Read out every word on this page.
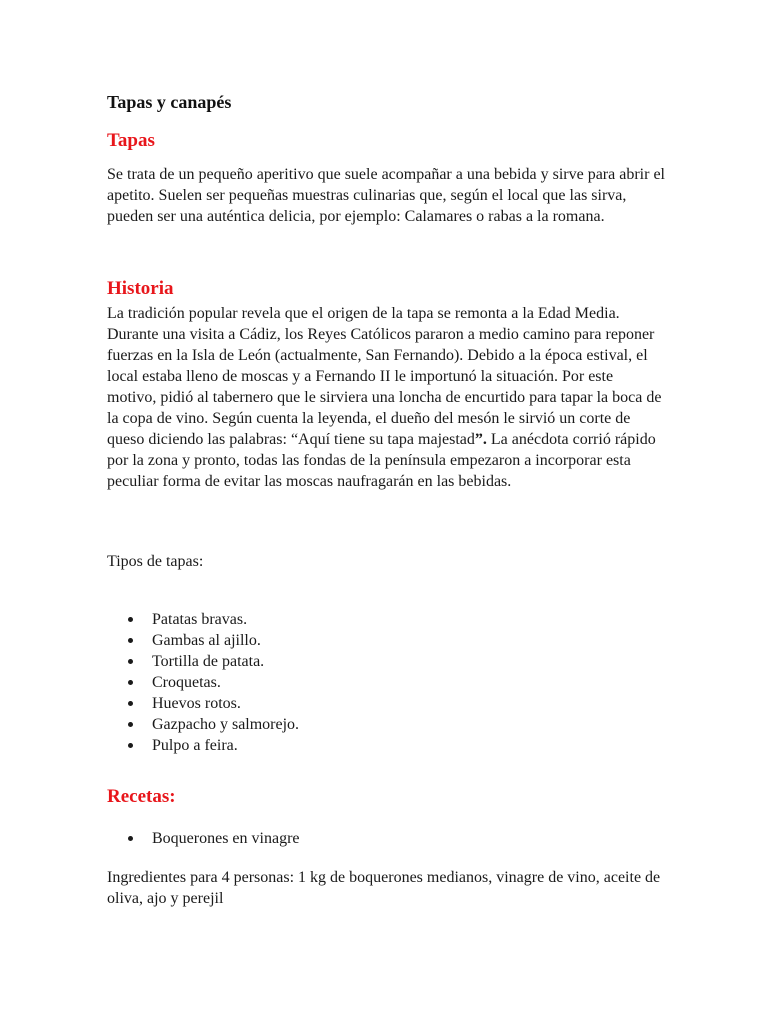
Tapas y canapés
Tapas

Se trata de un pequeño aperitivo que suele acompañar a una bebida y sirve para abrir el apetito. Suelen ser pequeñas muestras culinarias que, según el local que las sirva, pueden ser una auténtica delicia, por ejemplo: Calamares o rabas a la romana.

Historia

La tradición popular revela que el origen de la tapa se remonta a la Edad Media. Durante una visita a Cádiz, los Reyes Católicos pararon a medio camino para reponer fuerzas en la Isla de León (actualmente, San Fernando). Debido a la época estival, el local estaba lleno de moscas y a Fernando II le importunó la situación. Por este motivo, pidió al tabernero que le sirviera una loncha de encurtido para tapar la boca de la copa de vino. Según cuenta la leyenda, el dueño del mesón le sirvió un corte de queso diciendo las palabras: “Aquí tiene su tapa majestad”. La anécdota corrió rápido por la zona y pronto, todas las fondas de la península empezaron a incorporar esta peculiar forma de evitar las moscas naufragarán en las bebidas.

Tipos de tapas:

Patatas bravas.
Gambas al ajillo.
Tortilla de patata.
Croquetas.
Huevos rotos.
Gazpacho y salmorejo.
Pulpo a feira.
Recetas:
Boquerones en vinagre

Ingredientes para 4 personas: 1 kg de boquerones medianos, vinagre de vino, aceite de oliva, ajo y perejil
